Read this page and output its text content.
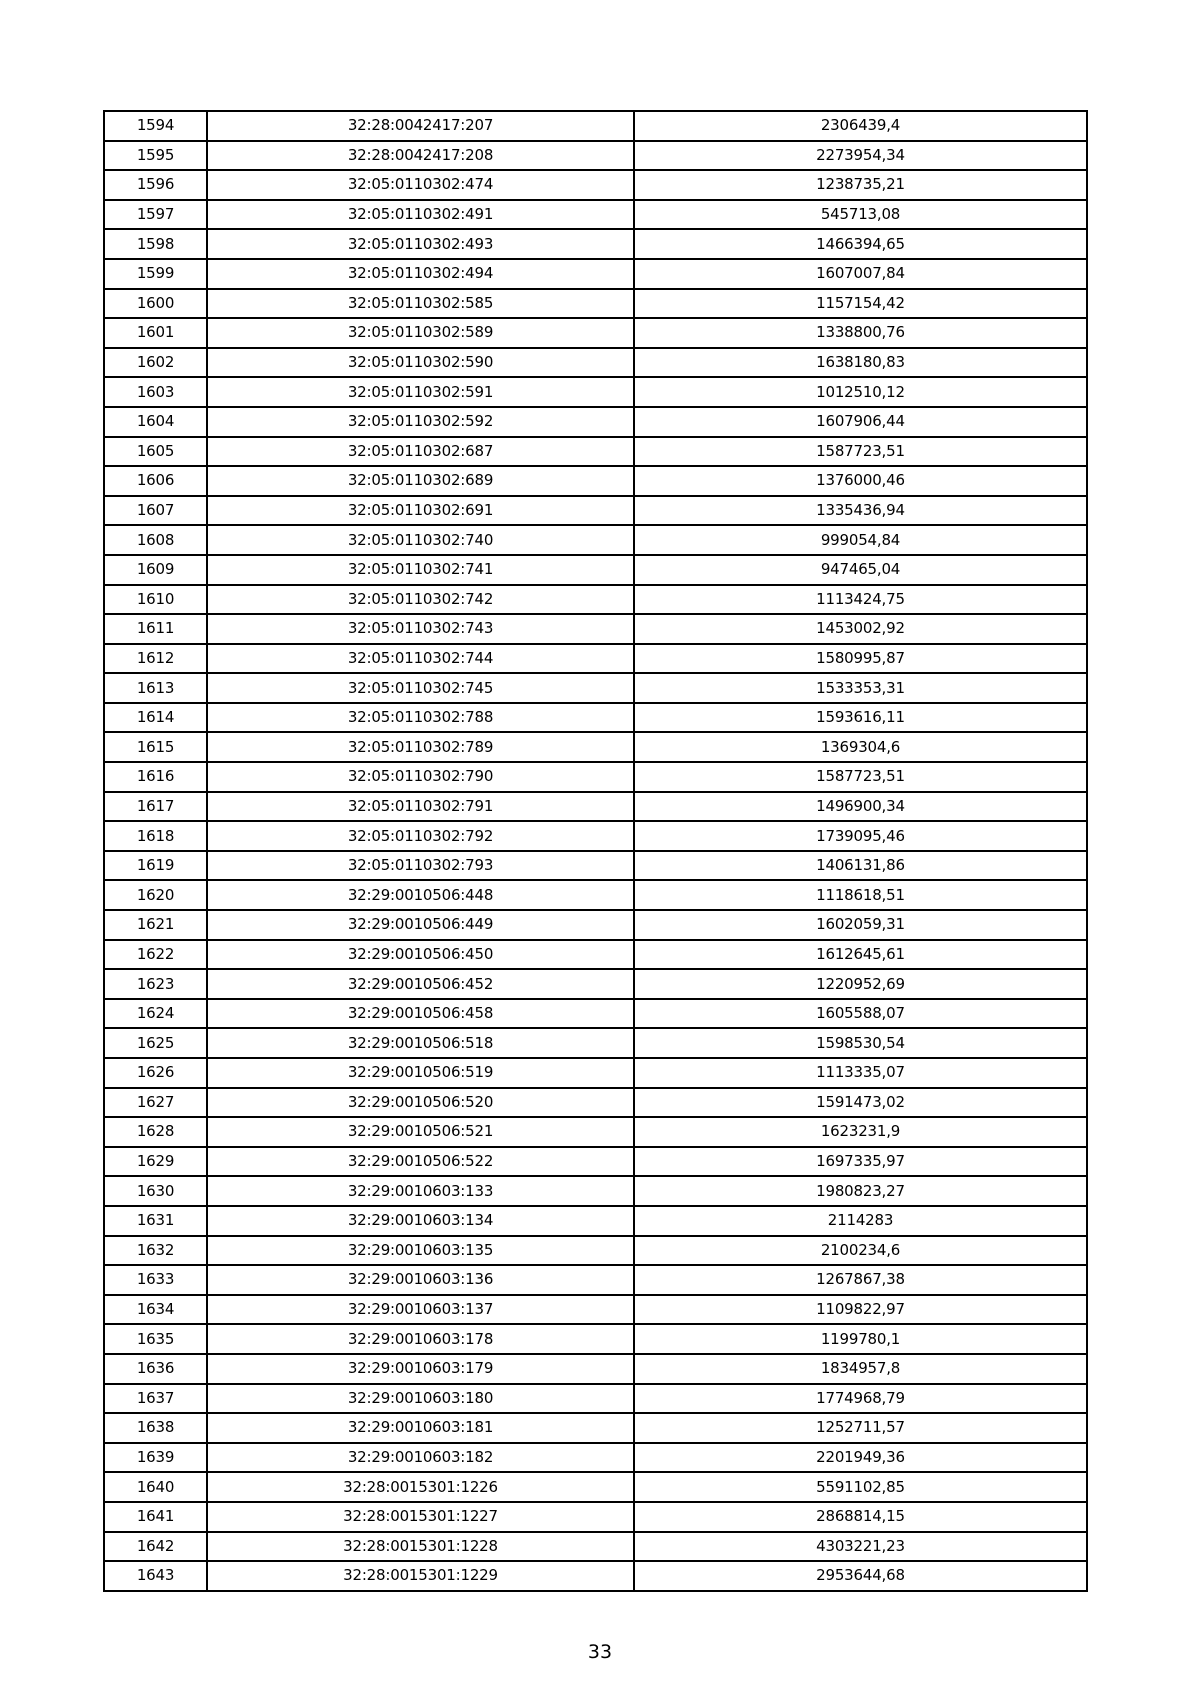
1594	32:28:0042417:207	2306439,4
1595	32:28:0042417:208	2273954,34
1596	32:05:0110302:474	1238735,21
1597	32:05:0110302:491	545713,08
1598	32:05:0110302:493	1466394,65
1599	32:05:0110302:494	1607007,84
1600	32:05:0110302:585	1157154,42
1601	32:05:0110302:589	1338800,76
1602	32:05:0110302:590	1638180,83
1603	32:05:0110302:591	1012510,12
1604	32:05:0110302:592	1607906,44
1605	32:05:0110302:687	1587723,51
1606	32:05:0110302:689	1376000,46
1607	32:05:0110302:691	1335436,94
1608	32:05:0110302:740	999054,84
1609	32:05:0110302:741	947465,04
1610	32:05:0110302:742	1113424,75
1611	32:05:0110302:743	1453002,92
1612	32:05:0110302:744	1580995,87
1613	32:05:0110302:745	1533353,31
1614	32:05:0110302:788	1593616,11
1615	32:05:0110302:789	1369304,6
1616	32:05:0110302:790	1587723,51
1617	32:05:0110302:791	1496900,34
1618	32:05:0110302:792	1739095,46
1619	32:05:0110302:793	1406131,86
1620	32:29:0010506:448	1118618,51
1621	32:29:0010506:449	1602059,31
1622	32:29:0010506:450	1612645,61
1623	32:29:0010506:452	1220952,69
1624	32:29:0010506:458	1605588,07
1625	32:29:0010506:518	1598530,54
1626	32:29:0010506:519	1113335,07
1627	32:29:0010506:520	1591473,02
1628	32:29:0010506:521	1623231,9
1629	32:29:0010506:522	1697335,97
1630	32:29:0010603:133	1980823,27
1631	32:29:0010603:134	2114283
1632	32:29:0010603:135	2100234,6
1633	32:29:0010603:136	1267867,38
1634	32:29:0010603:137	1109822,97
1635	32:29:0010603:178	1199780,1
1636	32:29:0010603:179	1834957,8
1637	32:29:0010603:180	1774968,79
1638	32:29:0010603:181	1252711,57
1639	32:29:0010603:182	2201949,36
1640	32:28:0015301:1226	5591102,85
1641	32:28:0015301:1227	2868814,15
1642	32:28:0015301:1228	4303221,23
1643	32:28:0015301:1229	2953644,68
33
